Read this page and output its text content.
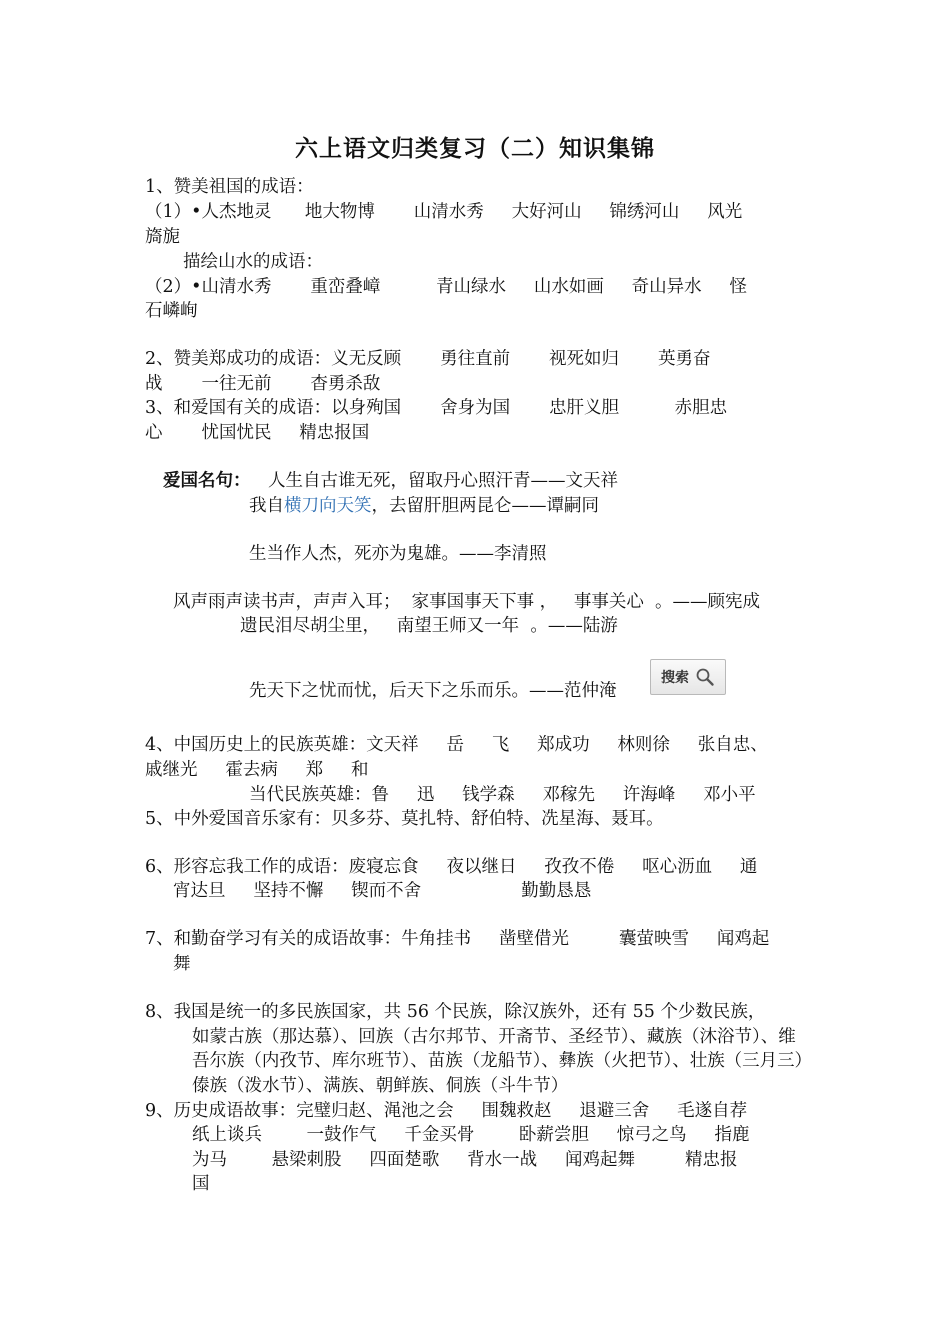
六上语文归类复习（二）知识集锦
1、赞美祖国的成语：
（1）•人杰地灵      地大物博       山清水秀     大好河山     锦绣河山     风光
旖旎
描绘山水的成语：
（2）•山清水秀       重峦叠嶂          青山绿水     山水如画     奇山异水     怪
石嶙峋
2、赞美郑成功的成语：义无反顾       勇往直前       视死如归       英勇奋
战       一往无前       杳勇杀敌
3、和爱国有关的成语：以身殉国       舍身为国       忠肝义胆          赤胆忠
心       忧国忧民     精忠报国
爱国名句： 人生自古谁无死，留取丹心照汗青——文天祥
我自横刀向天笑，去留肝胆两昆仑——谭嗣同
生当作人杰，死亦为鬼雄。——李清照
风声雨声读书声，声声入耳；  家事国事天下事 ，   事事关心  。——顾宪成
遗民泪尽胡尘里，   南望王师又一年  。——陆游
先天下之忧而忧，后天下之乐而乐。——范仲淹
搜索
4、中国历史上的民族英雄：文天祥     岳     飞     郑成功     林则徐     张自忠、
戚继光     霍去病     郑     和
当代民族英雄：鲁     迅     钱学森     邓稼先     许海峰     邓小平
5、中外爱国音乐家有：贝多芬、莫扎特、舒伯特、冼星海、聂耳。
6、形容忘我工作的成语：废寝忘食     夜以继日     孜孜不倦     呕心沥血     通
宵达旦     坚持不懈     锲而不舍                  勤勤恳恳
7、和勤奋学习有关的成语故事：牛角挂书     凿壁借光         囊萤映雪     闻鸡起
舞
8、我国是统一的多民族国家，共 56 个民族，除汉族外，还有 55 个少数民族，
如蒙古族（那达慕）、回族（古尔邦节、开斋节、圣经节）、藏族（沐浴节）、维
吾尔族（内孜节、库尔班节）、苗族（龙船节）、彝族（火把节）、壮族（三月三）
傣族（泼水节）、满族、朝鲜族、侗族（斗牛节）
9、历史成语故事：完璧归赵、渑池之会     围魏救赵     退避三舍     毛遂自荐
纸上谈兵        一鼓作气     千金买骨        卧薪尝胆     惊弓之鸟     指鹿
为马        悬梁刺股     四面楚歌     背水一战     闻鸡起舞         精忠报
国
